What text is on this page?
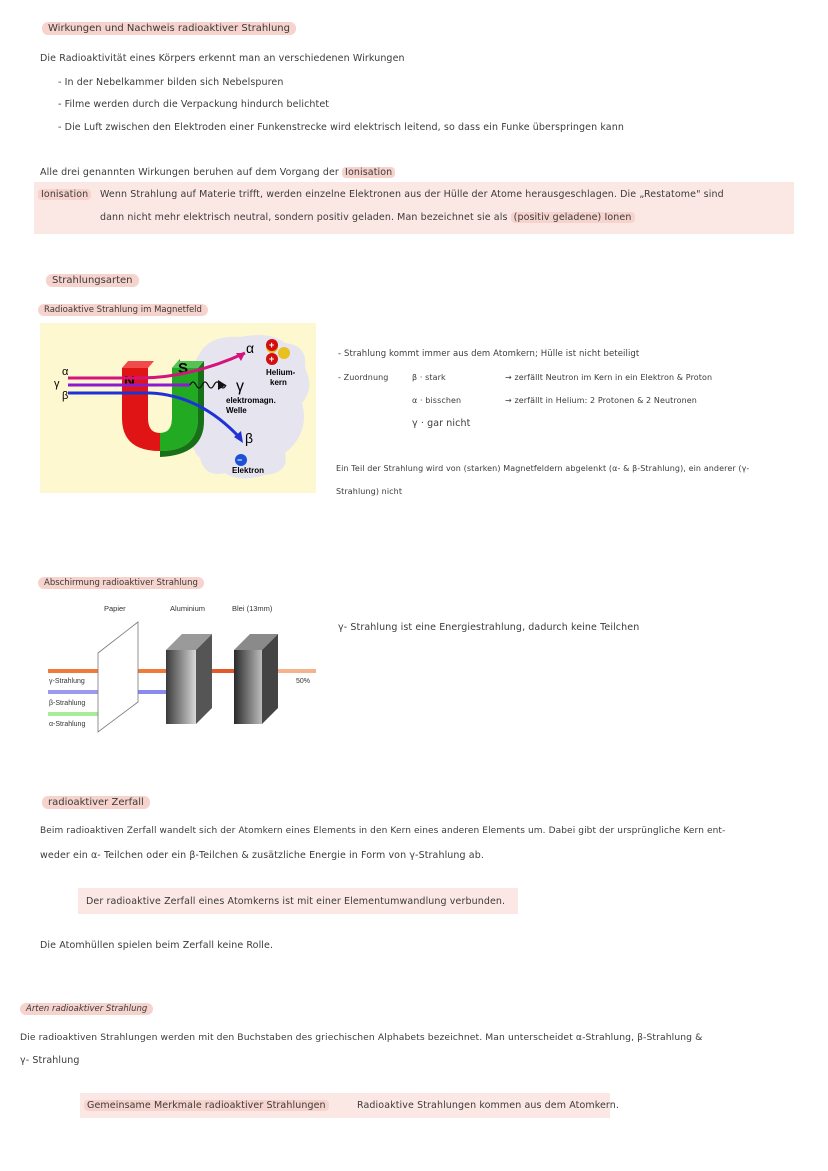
Wirkungen und Nachweis radioaktiver Strahlung
Die Radioaktivität eines Körpers erkennt man an verschiedenen Wirkungen
- In der Nebelkammer bilden sich Nebelspuren
- Filme werden durch die Verpackung hindurch belichtet
- Die Luft zwischen den Elektroden einer Funkenstrecke wird elektrisch leitend, so dass ein Funke überspringen kann
Alle drei genannten Wirkungen beruhen auf dem Vorgang der Ionisation
Ionisation	Wenn Strahlung auf Materie trifft, werden einzelne Elektronen aus der Hülle der Atome herausgeschlagen. Die „Restatome" sind
dann nicht mehr elektrisch neutral, sondern positiv geladen. Man bezeichnet sie als (positiv geladene) Ionen
Strahlungsarten
Radioaktive Strahlung im Magnetfeld
N
S
+
+
−
α
γ
β
α
γ
β
Helium-
kern
elektromagn.
Welle
Elektron
- Strahlung kommt immer aus dem Atomkern; Hülle ist nicht beteiligt
- Zuordnung	β · stark	→ zerfällt Neutron im Kern in ein Elektron & Proton
α · bisschen	→ zerfällt in Helium: 2 Protonen & 2 Neutronen
γ · gar nicht
Ein Teil der Strahlung wird von (starken) Magnetfeldern abgelenkt (α- & β-Strahlung), ein anderer (γ-
Strahlung) nicht
Abschirmung radioaktiver Strahlung
Papier	Aluminium	Blei (13mm)
γ-Strahlung
β-Strahlung
α-Strahlung
50%
γ- Strahlung ist eine Energiestrahlung, dadurch keine Teilchen
radioaktiver Zerfall
Beim radioaktiven Zerfall wandelt sich der Atomkern eines Elements in den Kern eines anderen Elements um. Dabei gibt der ursprüngliche Kern ent-
weder ein α- Teilchen oder ein β-Teilchen & zusätzliche Energie in Form von γ-Strahlung ab.
Der radioaktive Zerfall eines Atomkerns ist mit einer Elementumwandlung verbunden.
Die Atomhüllen spielen beim Zerfall keine Rolle.
Arten radioaktiver Strahlung
Die radioaktiven Strahlungen werden mit den Buchstaben des griechischen Alphabets bezeichnet. Man unterscheidet α-Strahlung, β-Strahlung &
γ- Strahlung
Gemeinsame Merkmale radioaktiver Strahlungen	Radioaktive Strahlungen kommen aus dem Atomkern.
